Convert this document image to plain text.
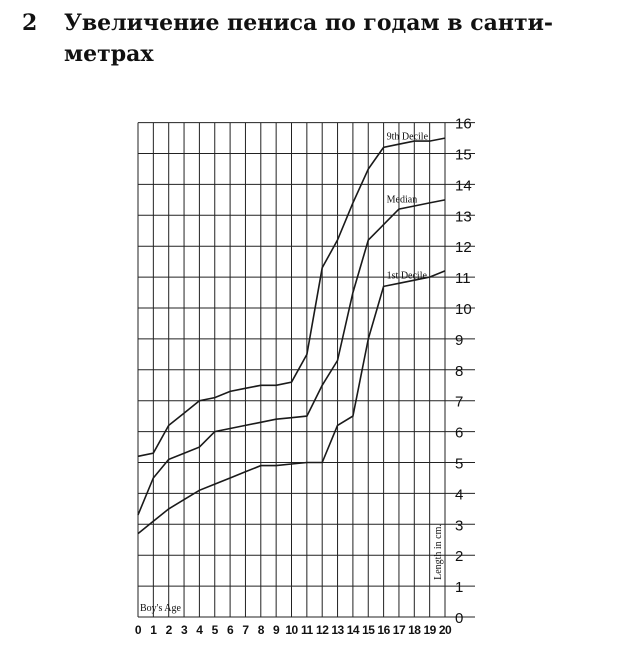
2 Увеличение пениса по годам в санти-
метрах
0
1
2
3
4
5
6
7
8
9
10
11
12
13
14
15
16
0 1 2 3 4 5 6 7 8 9 10 11 12 13 14 15 16 17 18 19 20
9th Decile
Median
1st Decile
Boy's Age
Length in cm.
